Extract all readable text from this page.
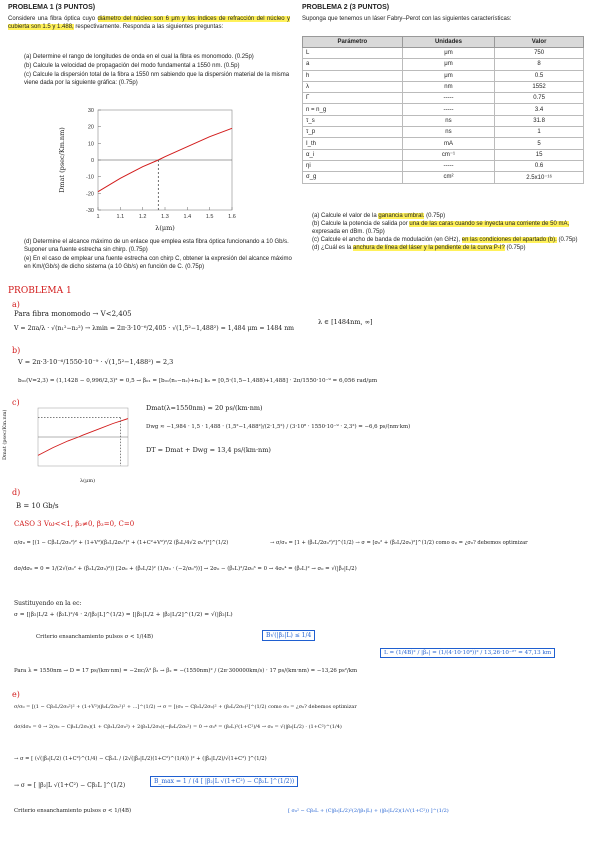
PROBLEMA 1 (3 PUNTOS)
Considere una fibra óptica cuyo diámetro del núcleo son 6 μm y los índices de refracción del núcleo y cubierta son 1.5 y 1.488, respectivamente. Responda a las siguientes preguntas:
(a) Determine el rango de longitudes de onda en el cual la fibra es monomodo. (0.25p)
(b) Calcule la velocidad de propagación del modo fundamental a 1550 nm. (0.5p)
(c) Calcule la dispersión total de la fibra a 1550 nm sabiendo que la dispersión material de la misma viene dada por la siguiente gráfica: (0.75p)
30
20
10
0
-10
-20
-30
1	1.1	1.2	1.3	1.4	1.5	1.6
Dmat (psec/Km.nm)
λ(μm)
(d) Determine el alcance máximo de un enlace que emplea esta fibra óptica funcionando a 10 Gb/s. Suponer una fuente estrecha sin chirp. (0.75p)
(e) En el caso de emplear una fuente estrecha con chirp C, obtener la expresión del alcance máximo en Km/(Gb/s) de dicho sistema (a 10 Gb/s) en función de C. (0.75p)
PROBLEMA 2 (3 PUNTOS)
Suponga que tenemos un láser Fabry–Perot con las siguientes características:
Parámetro	Unidades	Valor
L	μm	750
a	μm	8
h	μm	0.5
λ	nm	1552
Γ	-----	0.75
n = n_g	-----	3.4
τ_s	ns	31.8
τ_p	ns	1
I_th	mA	5
α_i	cm⁻¹	15
ηi	-----	0.6
σ_g	cm²	2.5x10⁻¹⁶
(a) Calcule el valor de la ganancia umbral. (0.75p)
(b) Calcule la potencia de salida por una de las caras cuando se inyecta una corriente de 50 mA, expresada en dBm. (0.75p)
(c) Calcule el ancho de banda de modulación (en GHz), en las condiciones del apartado (b). (0.75p)
(d) ¿Cuál es la anchura de línea del láser y la pendiente de la curva P-I? (0.75p)
PROBLEMA 1
a)
Para fibra monomodo → V<2,405
V = 2πa/λ · √(n₁²−n₂²) → λmin = 2π·3·10⁻⁶/2,405 · √(1,5²−1,488²) = 1,484 μm = 1484 nm
λ ∈ [1484nm, ∞]
b)
V = 2π·3·10⁻⁶/1550·10⁻⁹ · √(1,5²−1,488²) = 2,3
b₀₁(V=2,3) = (1,1428 − 0,996/2,3)² = 0,5 → β₀₁ = [b₀₁(n₁−n₂)+n₂] k₀ = [0,5·(1,5−1,488)+1,488] · 2π/1550·10⁻⁹ = 6,056 rad/μm
c)
Dmat (psec/Km.nm)
λ(μm)
Dmat(λ=1550nm) ≈ 20 ps/(km·nm)
Dwg ≈ −1,984 · 1,5 · 1,488 · (1,5²−1,488²)/(2·1,5²) / (3·10⁸ · 1550·10⁻⁹ · 2,3²) = −6,6 ps/(nm·km)
DT = Dmat + Dwg = 13,4 ps/(km·nm)
d)
B = 10 Gb/s
CASO 3 Vω<<1, β₂≠0, β₃=0, C=0
σ/σ₀ = [(1 − Cβ₂L/2σ₀²)² + (1+V²)(β₂L/2σ₀²)² + (1+C²+V²)²/2 (β₃L/4√2 σ₀³)²]^(1/2)	→ σ/σ₀ = [1 + (β₂L/2σ₀²)²]^(1/2) → σ = [σ₀² + (β₂L/2σ₀)²]^(1/2) como σ₀ = ¿σ₀? debemos optimizar
dσ/dσ₀ = 0 = 1/(2√(σ₀² + (β₂L/2σ₀)²)) [2σ₀ + (β₂L/2)² (1/σ₀ · (−2/σ₀³))] → 2σ₀ − (β₂L)²/2σ₀³ = 0 → 4σ₀⁴ = (β₂L)² → σ₀ = √(|β₂|L/2)
Sustituyendo en la ec:
σ = [|β₂|L/2 + (β₂L)²/4 · 2/|β₂|L]^(1/2) = [|β₂|L/2 + |β₂|L/2]^(1/2) = √(|β₂|L)
Criterio ensanchamiento pulsos σ < 1/(4B)	B√(|β₂|L) ≤ 1/4
L = (1/4B)² / |β₂| = (1/(4·10·10⁹))² / 13,26·10⁻²⁷ = 47,13 km
Para λ = 1550nm → D = 17 ps/(km·nm) = −2πc/λ² β₂ → β₂ = −(1550nm)² / (2π·300000km/s) · 17 ps/(km·nm) = −13,26 ps²/km
e)
σ/σ₀ = [(1 − Cβ₂L/2σ₀²)² + (1+V²)(β₂L/2σ₀²)² + ...]^(1/2) → σ = [(σ₀ − Cβ₂L/2σ₀)² + (β₂L/2σ₀)²]^(1/2) como σ₀ = ¿σ₀? debemos optimizar
dσ/dσ₀ = 0 → 2(σ₀ − Cβ₂L/2σ₀)(1 + Cβ₂L/2σ₀²) + 2(β₂L/2σ₀)(−β₂L/2σ₀²) = 0 → σ₀⁴ = (β₂L)²(1+C²)/4 → σ₀ = √(|β₂|L/2) · (1+C²)^(1/4)
→ σ = [ (√(|β₂|L/2) (1+C²)^(1/4) − Cβ₂L / (2√(|β₂|L/2)(1+C²)^(1/4)) )² + (|β₂|L/2)/√(1+C²) ]^(1/2)
→ σ = [ |β₂|L √(1+C²) − Cβ₂L ]^(1/2)
B_max = 1 / (4 [ |β₂|L √(1+C²) − Cβ₂L ]^(1/2))
Criterio ensanchamiento pulsos σ < 1/(4B)	[ σ₀² − Cβ₂L + (C|β₂|L/2)²(2/|β₂|L) + (|β₂|L/2)(1/√(1+C²)) ]^(1/2)
